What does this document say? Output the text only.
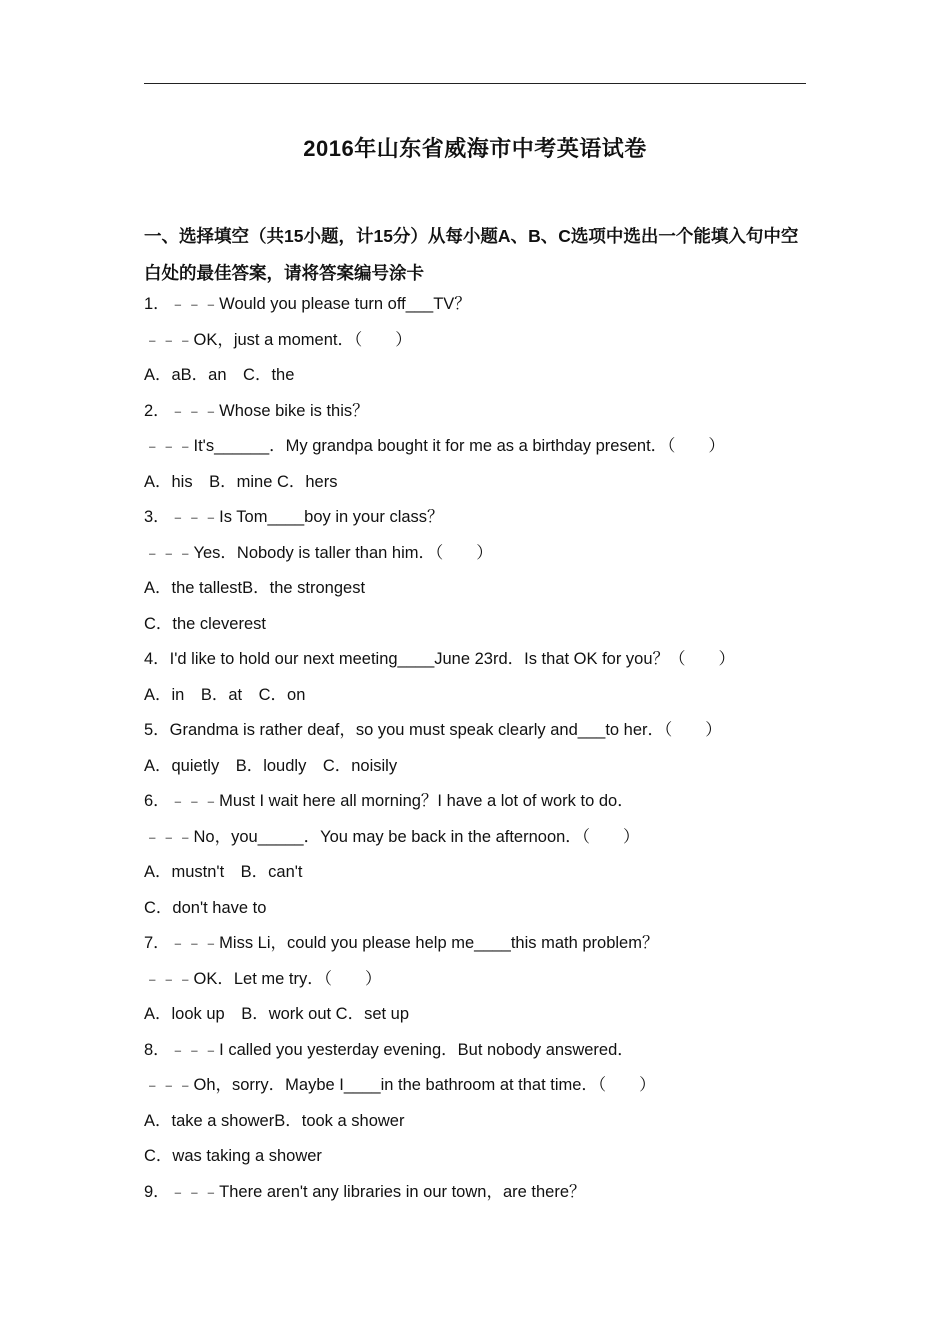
2016年山东省威海市中考英语试卷
一、选择填空（共15小题，计15分）从每小题A、B、C选项中选出一个能填入句中空白处的最佳答案，请将答案编号涂卡
1．﹣﹣﹣Would you please turn off___TV？
﹣﹣﹣OK，just a moment．（　　）
A．aB．an　C．the
2．﹣﹣﹣Whose bike is this？
﹣﹣﹣It's______．My grandpa bought it for me as a birthday present．（　　）
A．his　B．mine C．hers
3．﹣﹣﹣Is Tom____boy in your class？
﹣﹣﹣Yes．Nobody is taller than him．（　　）
A．the tallestB．the strongest
C．the cleverest
4．I'd like to hold our next meeting____June 23rd．Is that OK for you？（　　）
A．in　B．at　C．on
5．Grandma is rather deaf，so you must speak clearly and___to her．（　　）
A．quietly　B．loudly　C．noisily
6．﹣﹣﹣Must I wait here all morning？I have a lot of work to do．
﹣﹣﹣No，you_____．You may be back in the afternoon．（　　）
A．mustn't　B．can't
C．don't have to
7．﹣﹣﹣Miss Li，could you please help me____this math problem？
﹣﹣﹣OK．Let me try．（　　）
A．look up　B．work out C．set up
8．﹣﹣﹣I called you yesterday evening．But nobody answered．
﹣﹣﹣Oh，sorry．Maybe I____in the bathroom at that time．（　　）
A．take a showerB．took a shower
C．was taking a shower
9．﹣﹣﹣There aren't any libraries in our town，are there？
